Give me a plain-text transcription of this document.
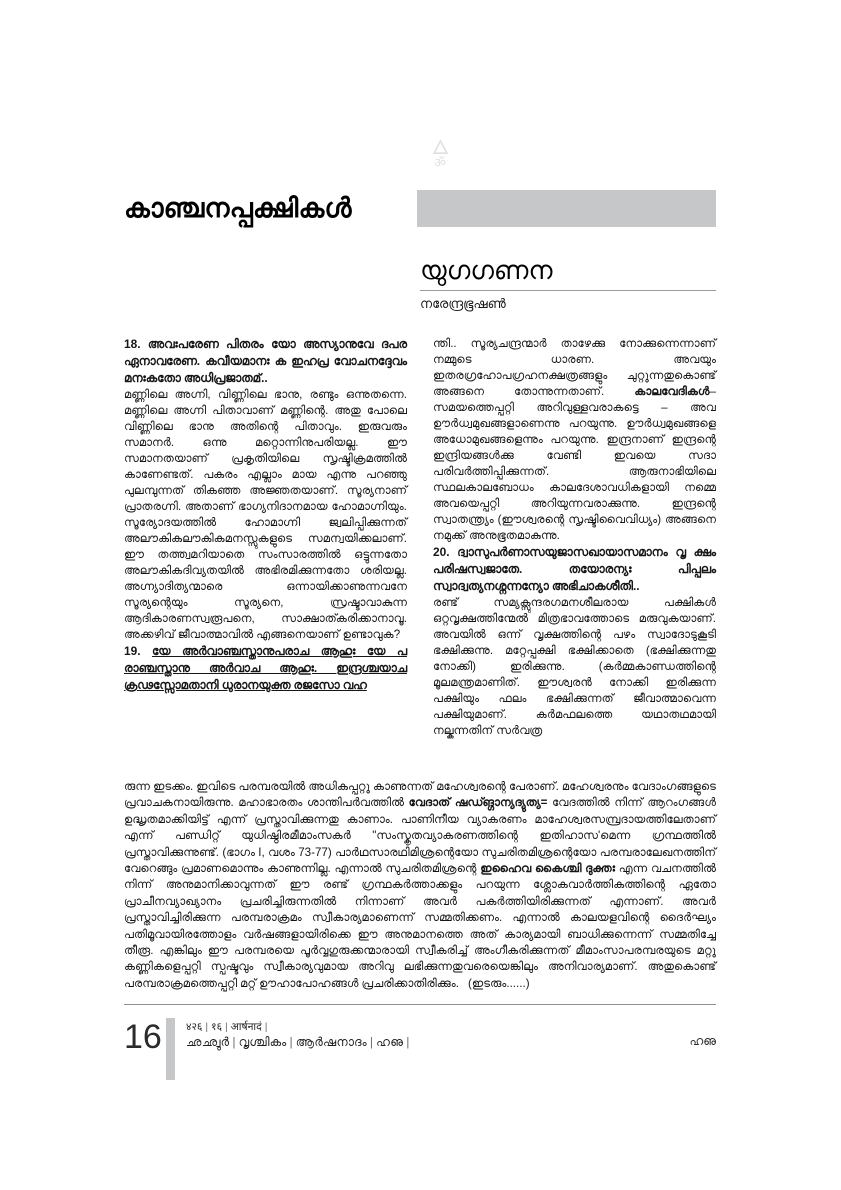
🜂
ॐ
കാഞ്ചനപ്പക്ഷികൾ
യുഗഗണന
നരേന്ദ്രഭൂഷൺ

18. അവഃപരേണ പിതരം യോ അസ്യാനുവേ ദപര ഏനാവരേണ. കവീയമാനഃ ക ഇഹപ്ര വോചനദ്ദേവം മനഃകതോ അധിപ്രജാതമ്‌..

മണ്ണിലെ അഗ്നി, വിണ്ണിലെ ഭാനു, രണ്ടും ഒന്നുതന്നെ. മണ്ണിലെ അഗ്നി പിതാവാണ് മണ്ണിന്റെ. അതു പോലെ വിണ്ണിലെ ഭാനു അതിന്റെ പിതാവും. ഇരുവരും സമാനർ. ഒന്നു മറ്റൊന്നിനുപരിയല്ല. ഈ സമാനതയാണ് പ്രകൃതിയിലെ സൃഷ്ടിക്രമത്തിൽ കാണേണ്ടത്. പകരം എല്ലാം മായ എന്നു പറഞ്ഞു പുലമ്പുന്നത് തികഞ്ഞ അജ്ഞതയാണ്. സൂര്യനാണ് പ്രാതരഗ്നി. അതാണ് ഭാഗ്യനിദാനമായ ഹോമാഗ്നിയും. സൂര്യോദയത്തിൽ ഹോമാഗ്നി ജ്വലിപ്പിക്കുന്നത് അലൗകികലൗകികമനസ്സുകളുടെ സമന്വയിക്കലാണ്. ഈ തത്ത്വമറിയാതെ സംസാരത്തിൽ ഒട്ടുന്നതോ അലൗകികദിവ്യതയിൽ അഭിരമിക്കുന്നതോ ശരിയല്ല. അഗ്ന്യാദിത്യന്മാരെ ഒന്നായിക്കാണുന്നവനേ സൂര്യന്റെയും സൂര്യനെ, സ്രഷ്ടാവാകുന്ന ആദികാരണസ്വരൂപനെ, സാക്ഷാത്കരിക്കാനാവൂ. അക്കഴിവ് ജീവാത്മാവിൽ എങ്ങനെയാണ് ഉണ്ടാവുക?

19. യേ അര്‍വാഞ്ചസ്താനുപരാച ആഹുഃ യേ പ രാഞ്ചസ്താനു അര്‍വാച ആഹുഃ. ഇന്ദ്രശ്ചയാച ക്രഢസ്സോമതാനി ധുരാനയുക്ത രജസോ വഹ

ന്തി.. സൂര്യചന്ദ്രന്മാർ താഴേക്കു നോക്കുന്നെന്നാണ് നമ്മുടെ ധാരണ. അവയും ഇതരഗ്രഹോപഗ്രഹനക്ഷത്രങ്ങളും ചുറ്റുന്നതുകൊണ്ട് അങ്ങനെ തോന്നുന്നതാണ്.	കാലവേദികൾ– സമയത്തെപ്പറ്റി അറിവുള്ളവരാകട്ടെ – അവ ഊർധ്വമുഖങ്ങളാണെന്നു പറയുന്നു. ഊർധ്വമുഖങ്ങളെ അധോമുഖങ്ങളെന്നും പറയുന്നു. ഇന്ദ്രനാണ് ഇന്ദ്രന്റെ ഇന്ദ്രിയങ്ങൾക്കു വേണ്ടി ഇവയെ സദാ പരിവർത്തിപ്പിക്കുന്നത്. ആരുനാഭിയിലെ സ്ഥലകാലബോധം കാലദേശാവധികളായി നമ്മെ അവയെപ്പറ്റി അറിയുന്നവരാക്കുന്നു. ഇന്ദ്രന്റെ സ്വാതന്ത്ര്യം (ഈശ്വരന്റെ സൃഷ്ടിവൈവിധ്യം) അങ്ങനെ നമുക്ക് അനുഭൂതമാകുന്നു.

20. ദ്വാസുപര്‍ണാസയുജാസഖായാസമാനം വൃ ക്ഷം പരിഷസ്വജാതേ. തയോരന്യഃ പിപ്പലം സ്വാദ്വത്യനശ്നന്നന്യോ അഭിചാകശീതി..

രണ്ട് സമ്യക്സുന്ദരഗമനശീലരായ പക്ഷികൾ ഒറ്റവൃക്ഷത്തിന്മേൽ മിത്രഭാവത്തോടെ മരുവുകയാണ്. അവയിൽ ഒന്ന് വൃക്ഷത്തിന്റെ പഴം സ്വാദോടുകൂടി ഭക്ഷിക്കുന്നു. മറ്റേപ്പക്ഷി ഭക്ഷിക്കാതെ (ഭക്ഷിക്കുന്നതു നോക്കി) ഇരിക്കുന്നു. (കർമ്മകാണ്ഡത്തിന്റെ മൂലമന്ത്രമാണിത്. ഈശ്വരൻ നോക്കി ഇരിക്കുന്ന പക്ഷിയും ഫലം ഭക്ഷിക്കുന്നത് ജീവാത്മാവെന്ന പക്ഷിയുമാണ്. കർമഫലത്തെ യഥാതഥമായി നല്കുന്നതിന് സർവത്ര

രുന്ന ഇടക്കം. ഇവിടെ പരമ്പരയിൽ അധികപ്പറ്റു കാണുന്നത് മഹേശ്വരന്റെ പേരാണ്. മഹേശ്വരനും വേദാംഗങ്ങളുടെ പ്രവാചകനായിരുന്നു. മഹാഭാരതം ശാന്തിപർവത്തിൽ വേദാത് ഷഡ്ങ്ഗാന്യദ്യുത്യ= വേദത്തിൽ നിന്ന് ആറംഗങ്ങൾ ഉദ്ധൃതമാക്കിയിട്ട് എന്ന് പ്രസ്താവിക്കുന്നതു കാണാം. പാണിനീയ വ്യാകരണം മാഹേശ്വരസമ്പ്രദായത്തിലേതാണ് എന്ന് പണ്ഡിറ്റ് യുധിഷ്ഠിരമീമാംസകർ "സംസ്കൃതവ്യാകരണത്തിന്റെ ഇതിഹാസ'മെന്ന ഗ്രന്ഥത്തിൽ പ്രസ്താവിക്കുന്നുണ്ട്. (ഭാഗം I, വശം 73-77) പാർഥസാരഥിമിശ്രന്റെയോ സുചരിതമിശ്രന്റെയോ പരമ്പരാലേഖനത്തിന് വേറെങ്ങും പ്രമാണമൊന്നും കാണുന്നില്ല. എന്നാൽ സുചരിതമിശ്രന്റെ ഇഹൈവ കൈശ്ചി ദുക്തഃ എന്ന വചനത്തിൽ നിന്ന് അനുമാനിക്കാവുന്നത് ഈ രണ്ട് ഗ്രന്ഥകർത്താക്കളും പറയുന്ന ശ്ലോകവാർത്തികത്തിന്റെ ഏതോ പ്രാചീനവ്യാഖ്യാനം പ്രചരിച്ചിരുന്നതിൽ നിന്നാണ് അവർ പകർത്തിയിരിക്കുന്നത് എന്നാണ്. അവർ പ്രസ്താവിച്ചിരിക്കുന്ന പരമ്പരാക്രമം സ്വീകാര്യമാണെന്ന് സമ്മതിക്കണം. എന്നാൽ കാലയളവിന്റെ ദൈർഘ്യം പതിമൂവായിരത്തോളം വർഷങ്ങളായിരിക്കെ ഈ അനുമാനത്തെ അത് കാര്യമായി ബാധിക്കുന്നെന്ന് സമ്മതിച്ചേ തീരൂ. എങ്കിലും ഈ പരമ്പരയെ പൂർവ്വഗുരുക്കന്മാരായി സ്വീകരിച്ച് അംഗീകരിക്കുന്നത് മീമാംസാപരമ്പരയുടെ മറ്റു കണ്ണികളെപ്പറ്റി സ്പഷ്ടവും സ്വീകാര്യവുമായ അറിവു ലഭിക്കുന്നതുവരെയെങ്കിലും അനിവാര്യമാണ്. അതുകൊണ്ട് പരമ്പരാക്രമത്തെപ്പറ്റി മറ്റ് ഊഹാപോഹങ്ങൾ പ്രചരിക്കാതിരിക്കും. (ഇടരും......)

16 ४२६ | १६ | आर्षनादं |
ഛഛ്വുർ | വൃശ്ചികം | ആർഷനാദം | ഹഌ |	ഹഌ
